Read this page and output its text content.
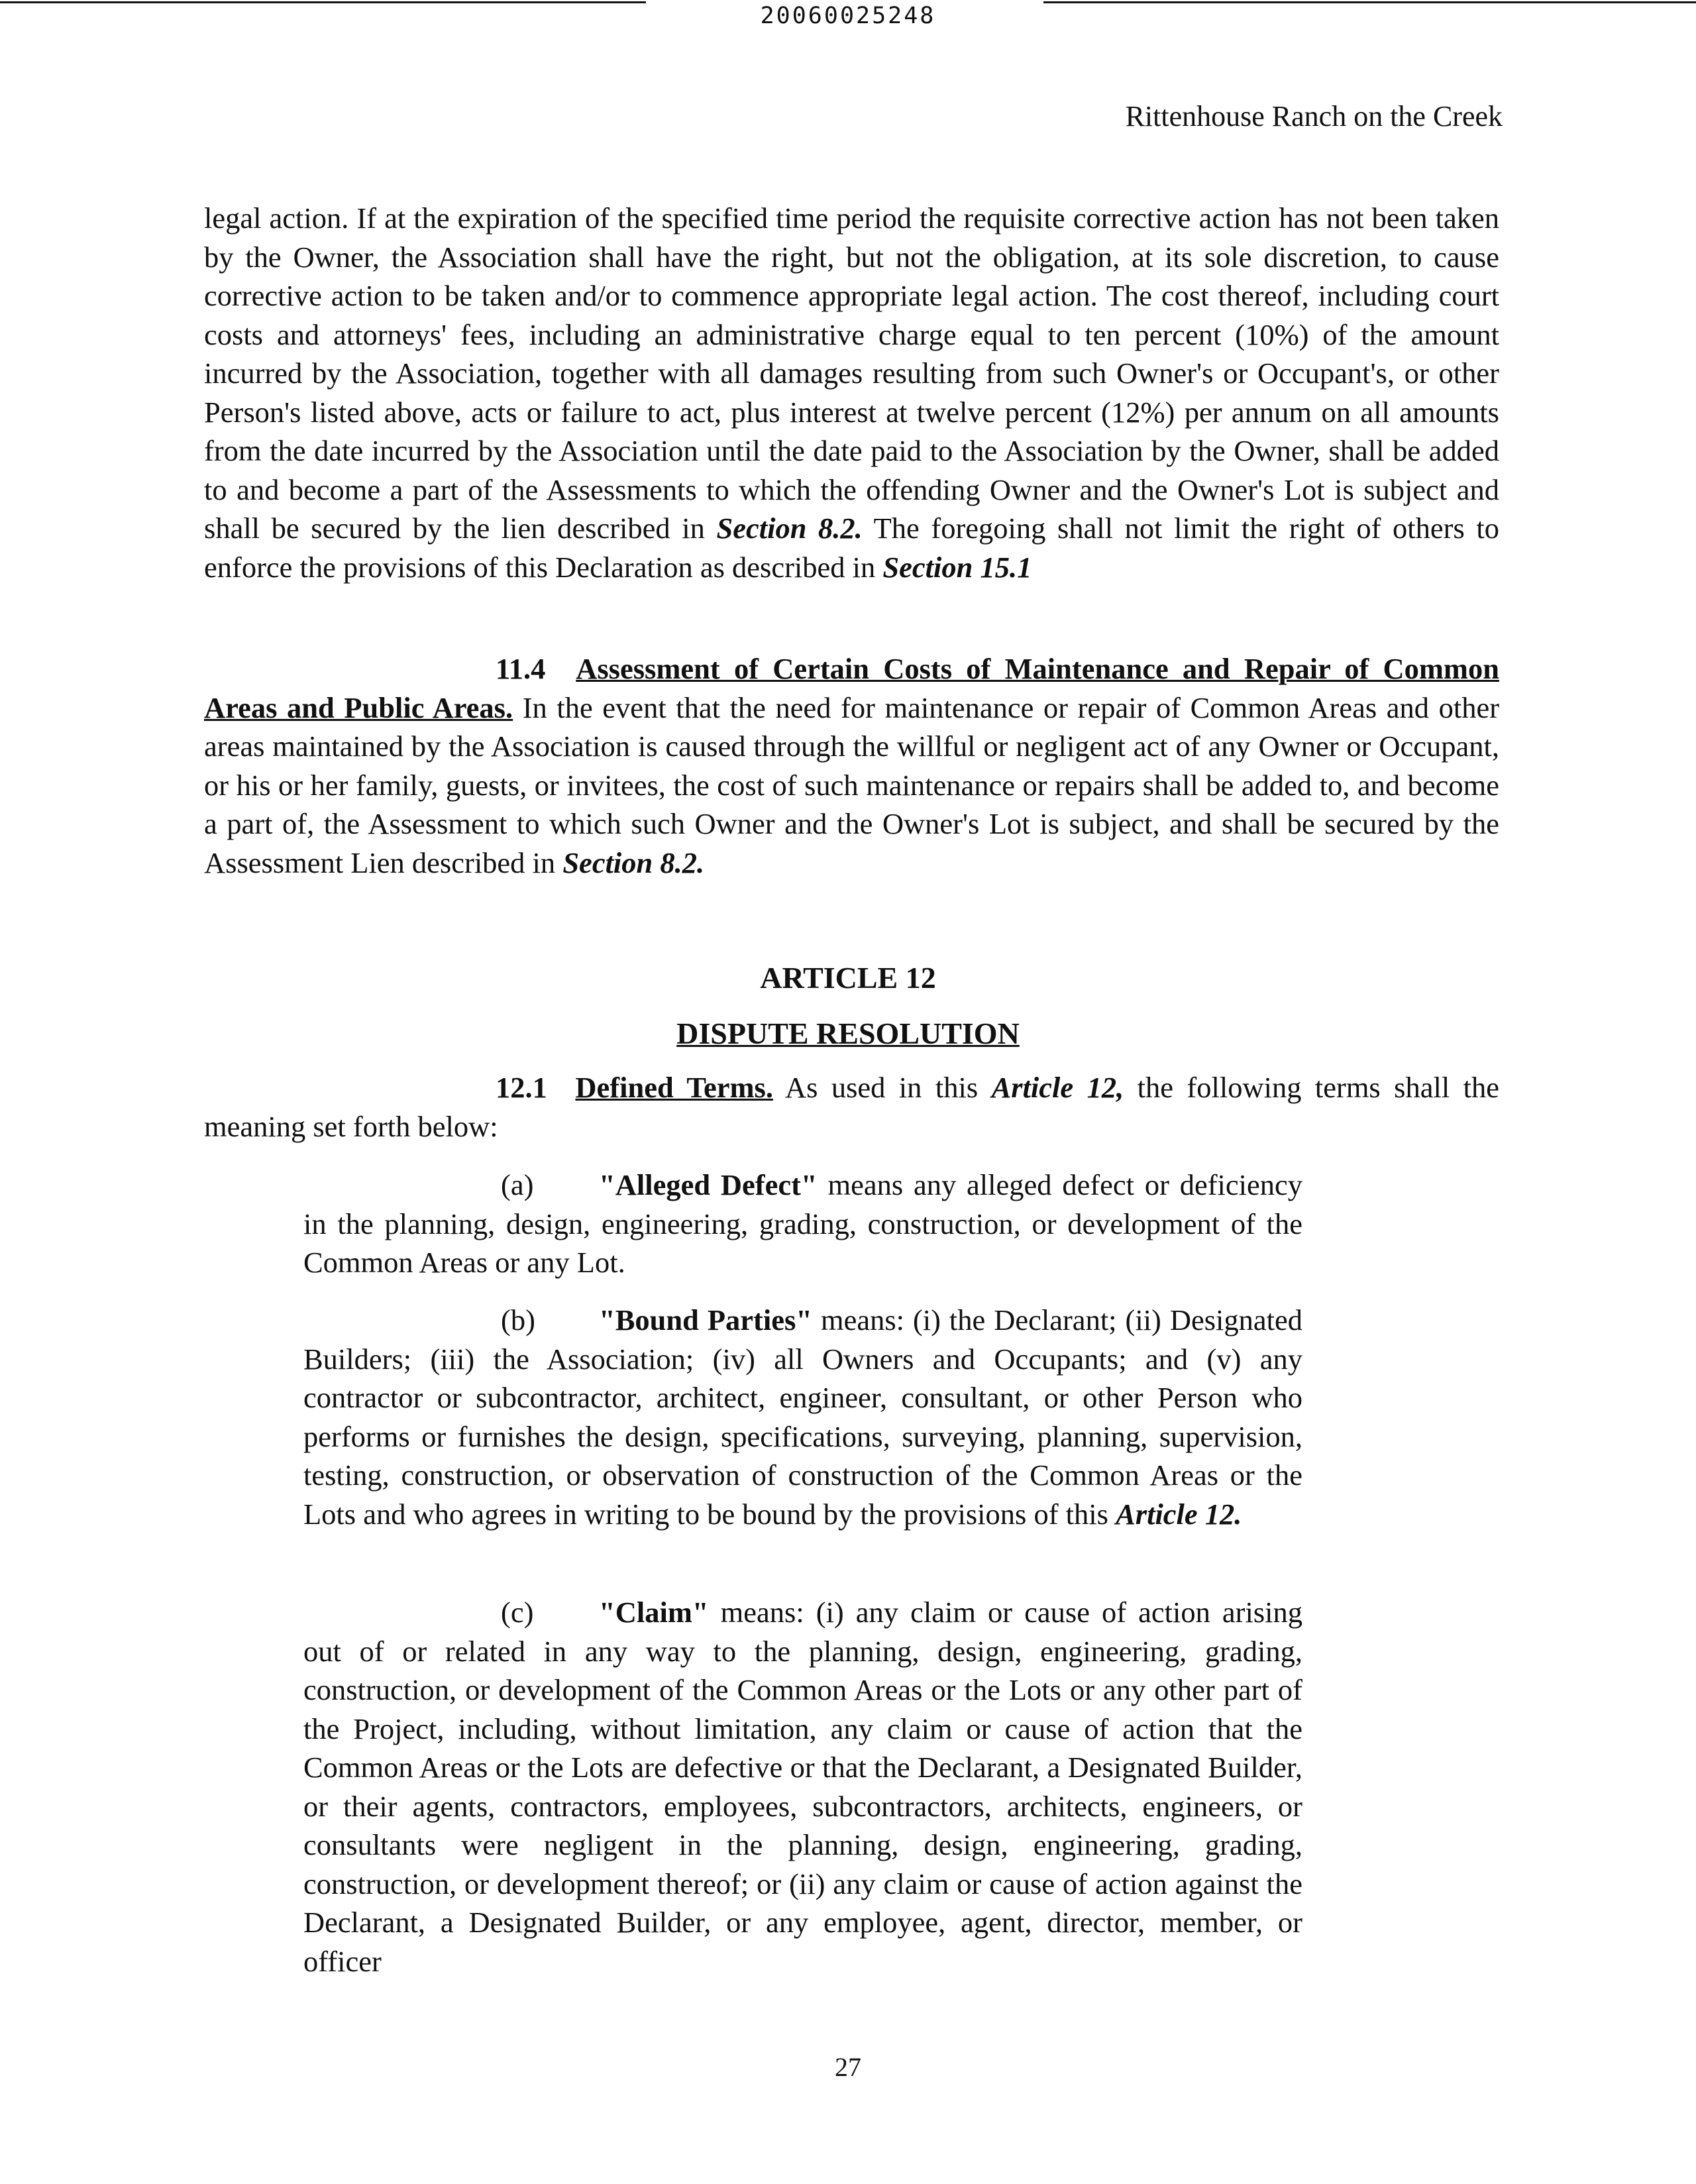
20060025248
Rittenhouse Ranch on the Creek
legal action. If at the expiration of the specified time period the requisite corrective action has not been taken by the Owner, the Association shall have the right, but not the obligation, at its sole discretion, to cause corrective action to be taken and/or to commence appropriate legal action. The cost thereof, including court costs and attorneys' fees, including an administrative charge equal to ten percent (10%) of the amount incurred by the Association, together with all damages resulting from such Owner's or Occupant's, or other Person's listed above, acts or failure to act, plus interest at twelve percent (12%) per annum on all amounts from the date incurred by the Association until the date paid to the Association by the Owner, shall be added to and become a part of the Assessments to which the offending Owner and the Owner's Lot is subject and shall be secured by the lien described in Section 8.2. The foregoing shall not limit the right of others to enforce the provisions of this Declaration as described in Section 15.1
11.4 Assessment of Certain Costs of Maintenance and Repair of Common Areas and Public Areas. In the event that the need for maintenance or repair of Common Areas and other areas maintained by the Association is caused through the willful or negligent act of any Owner or Occupant, or his or her family, guests, or invitees, the cost of such maintenance or repairs shall be added to, and become a part of, the Assessment to which such Owner and the Owner's Lot is subject, and shall be secured by the Assessment Lien described in Section 8.2.
ARTICLE 12
DISPUTE RESOLUTION
12.1 Defined Terms. As used in this Article 12, the following terms shall the meaning set forth below:
(a) "Alleged Defect" means any alleged defect or deficiency in the planning, design, engineering, grading, construction, or development of the Common Areas or any Lot.
(b) "Bound Parties" means: (i) the Declarant; (ii) Designated Builders; (iii) the Association; (iv) all Owners and Occupants; and (v) any contractor or subcontractor, architect, engineer, consultant, or other Person who performs or furnishes the design, specifications, surveying, planning, supervision, testing, construction, or observation of construction of the Common Areas or the Lots and who agrees in writing to be bound by the provisions of this Article 12.
(c) "Claim" means: (i) any claim or cause of action arising out of or related in any way to the planning, design, engineering, grading, construction, or development of the Common Areas or the Lots or any other part of the Project, including, without limitation, any claim or cause of action that the Common Areas or the Lots are defective or that the Declarant, a Designated Builder, or their agents, contractors, employees, subcontractors, architects, engineers, or consultants were negligent in the planning, design, engineering, grading, construction, or development thereof; or (ii) any claim or cause of action against the Declarant, a Designated Builder, or any employee, agent, director, member, or officer
27
